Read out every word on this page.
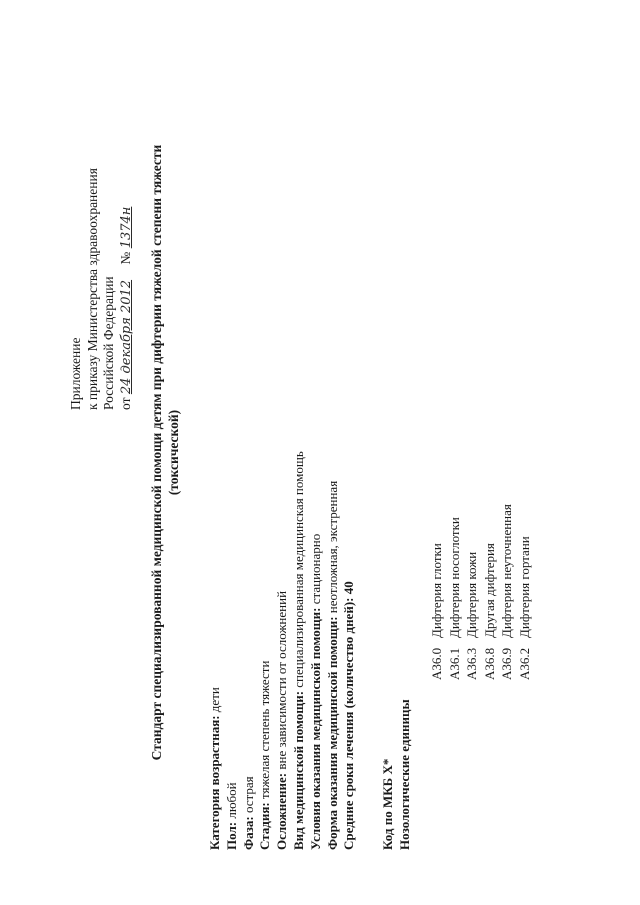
Приложение к приказу Министерства здравоохранения Российской Федерации от 24 декабря 2012 № 1374н Стандарт специализированной медицинской помощи детям при дифтерии тяжелой степени тяжести (токсической)
Категория возрастная: дети
Пол: любой
Фаза: острая
Стадия: тяжелая степень тяжести
Осложнение: вне зависимости от осложнений
Вид медицинской помощи: специализированная медицинская помощь
Условия оказания медицинской помощи: стационарно
Форма оказания медицинской помощи: неотложная, экстренная
Средние сроки лечения (количество дней): 40
Код по МКБ X* Нозологические единицы
A36.0
Дифтерия глотки
A36.1
Дифтерия носоглотки
A36.3
Дифтерия кожи
A36.8
Другая дифтерия
A36.9
Дифтерия неуточненная
A36.2
Дифтерия гортани
